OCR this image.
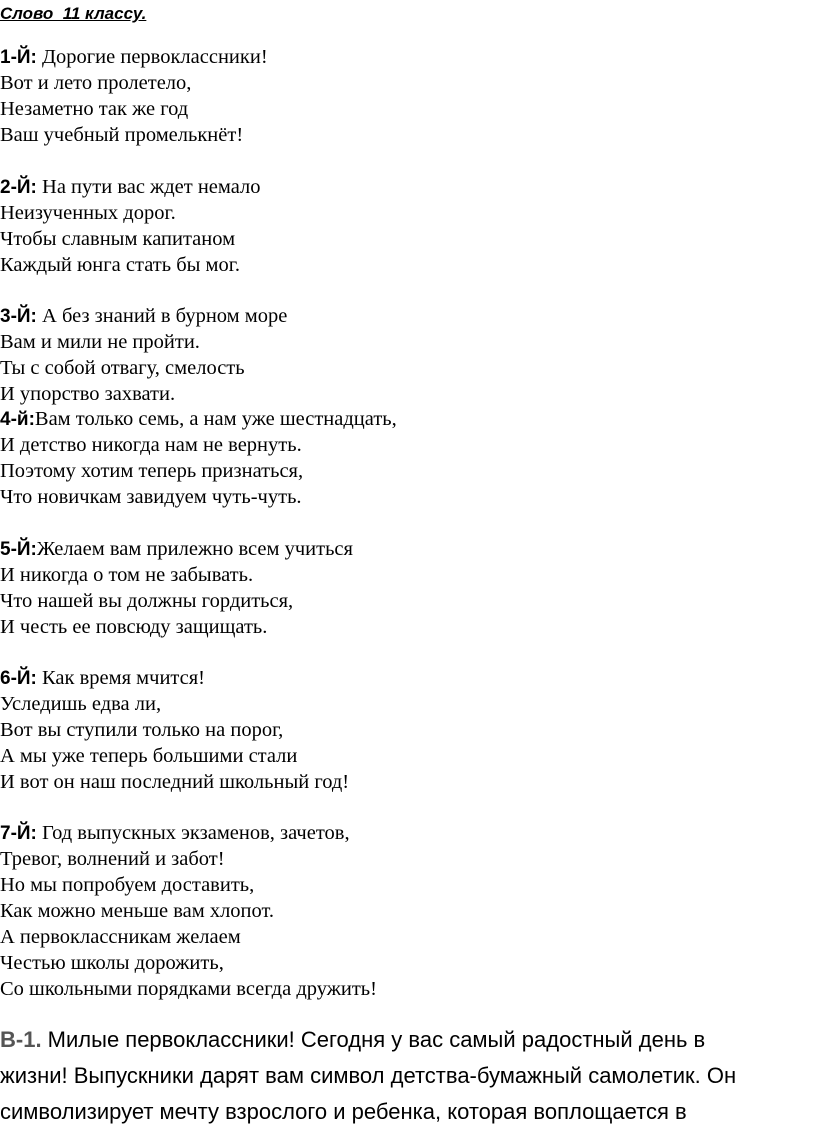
Слово  11 классу.
1-Й: Дорогие первоклассники!
Вот и лето пролетело,
Незаметно так же год
Ваш учебный промелькнёт!
2-Й: На пути вас ждет немало
Неизученных дорог.
Чтобы славным капитаном
Каждый юнга стать бы мог.
3-Й: А без знаний в бурном море
Вам и мили не пройти.
Ты с собой отвагу, смелость
И упорство захвати.
4-й:Вам только семь, а нам уже шестнадцать,
И детство никогда нам не вернуть.
Поэтому хотим теперь признаться,
Что новичкам завидуем чуть-чуть.
5-Й:Желаем вам прилежно всем учиться
И никогда о том не забывать.
Что нашей вы должны гордиться,
И честь ее повсюду защищать.
6-Й: Как время мчится!
Уследишь едва ли,
Вот вы ступили только на порог,
А мы уже теперь большими стали
И вот он наш последний школьный год!
7-Й: Год выпускных экзаменов, зачетов,
Тревог, волнений и забот!
Но мы попробуем доставить,
Как можно меньше вам хлопот.
А первоклассникам желаем
Честью школы дорожить,
Со школьными порядками всегда дружить!
В-1. Милые первоклассники! Сегодня у вас самый радостный день в
жизни! Выпускники дарят вам символ детства-бумажный самолетик. Он
символизирует мечту взрослого и ребенка, которая воплощается в
